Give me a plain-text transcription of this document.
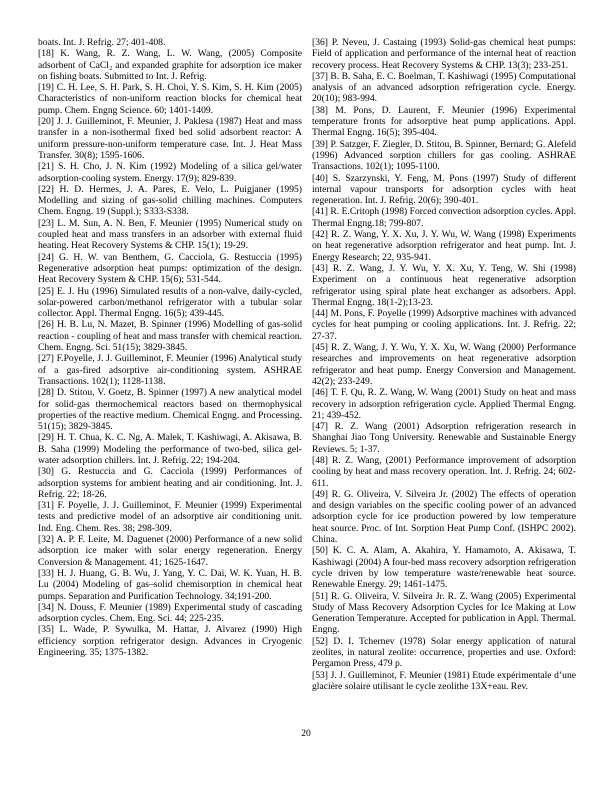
boats. Int. J. Refrig. 27; 401-408.

[18] K. Wang, R. Z. Wang, L. W. Wang, (2005) Composite adsorbent of CaCl₂ and expanded graphite for adsorption ice maker on fishing boats. Submitted to Int. J. Refrig.

[19] C. H. Lee, S. H. Park, S. H. Choi, Y. S. Kim, S. H. Kim (2005) Characteristics of non-uniform reaction blocks for chemical heat pump. Chem. Engng Science. 60; 1401-1409.

[20] J. J. Guilleminot, F. Meunier, J. Paklesa (1987) Heat and mass transfer in a non-isothermal fixed bed solid adsorbent reactor: A uniform pressure-non-uniform temperature case. Int. J. Heat Mass Transfer. 30(8); 1595-1606.

[21] S. H. Cho, J. N. Kim (1992) Modeling of a silica gel/water adsorption-cooling system. Energy. 17(9); 829-839.

[22] H. D. Hermes, J. A. Pares, E. Velo, L. Puigjaner (1995) Modelling and sizing of gas-solid chilling machines. Computers Chem. Engng. 19 (Suppl.); S333-S338.

[23] L. M. Sun, A. N. Ben, F. Meunier (1995) Numerical study on coupled heat and mass transfers in an adsorber with external fluid heating. Heat Recovery Systems & CHP. 15(1); 19-29.

[24] G. H. W. van Benthem, G. Cacciola, G. Restuccia (1995) Regenerative adsorption heat pumps: optimization of the design. Heat Recovery System & CHP. 15(6); 531-544.

[25] E. J. Hu (1996) Simulated results of a non-valve, daily-cycled, solar-powered carbon/methanol refrigerator with a tubular solar collector. Appl. Thermal Engng. 16(5); 439-445.

[26] H. B. Lu, N. Mazet, B. Spinner (1996) Modelling of gas-solid reaction - coupling of heat and mass transfer with chemical reaction. Chem. Engng. Sci. 51(15); 3829-3845.

[27] F.Poyelle, J. J. Guilleminot, F. Meunier (1996) Analytical study of a gas-fired adsorptive air-conditioning system. ASHRAE Transactions. 102(1); 1128-1138.

[28] D. Stitou, V. Goetz, B. Spinner (1997) A new analytical model for solid-gas thermochemical reactors based on thermophysical properties of the reactive medium. Chemical Engng. and Processing. 51(15); 3829-3845.

[29] H. T. Chua, K. C. Ng, A. Malek, T. Kashiwagi, A. Akisawa, B. B. Saha (1999) Modeling the performance of two-bed, silica gel-water adsorption chillers. Int. J. Refrig. 22; 194-204.

[30] G. Restuccia and G. Cacciola (1999) Performances of adsorption systems for ambient heating and air conditioning. Int. J. Refrig. 22; 18-26.

[31] F. Poyelle, J. J. Guilleminot, F. Meunier (1999) Experimental tests and predictive model of an adsorptive air conditioning unit. Ind. Eng. Chem. Res. 38; 298-309.

[32] A. P. F. Leite, M. Daguenet (2000) Performance of a new solid adsorption ice maker with solar energy regeneration. Energy Conversion & Management. 41; 1625-1647.

[33] H. J. Huang, G. B. Wu, J. Yang, Y. C. Dai, W. K. Yuan, H. B. Lu (2004) Modeling of gas–solid chemisorption in chemical heat pumps. Separation and Purification Technology. 34;191-200.

[34] N. Douss, F. Meunier (1989) Experimental study of cascading adsorption cycles. Chem. Eng. Sci. 44; 225-235.

[35] L. Wade, P. Sywulka, M. Hattar, J. Alvarez (1990) High efficiency sorption refrigerator design. Advances in Cryogenic Engineering. 35; 1375-1382.

[36] P. Neveu, J. Castaing (1993) Solid-gas chemical heat pumps: Field of application and performance of the internal heat of reaction recovery process. Heat Recovery Systems & CHP. 13(3); 233-251.

[37] B. B. Saha, E. C. Boelman, T. Kashiwagi (1995) Computational analysis of an advanced adsorption refrigeration cycle. Energy. 20(10); 983-994.

[38] M. Pons, D. Laurent, F. Meunier (1996) Experimental temperature fronts for adsorptive heat pump applications. Appl. Thermal Engng. 16(5); 395-404.

[39] P. Satzger, F. Ziegler, D. Stitou, B. Spinner, Bernard; G. Alefeld (1996) Advanced sorption chillers for gas cooling. ASHRAE Transactions. 102(1); 1095-1100.

[40] S. Szarzynski, Y. Feng, M. Pons (1997) Study of different internal vapour transports for adsorption cycles with heat regeneration. Int. J. Refrig. 20(6); 390-401.

[41] R. E.Critoph (1998) Forced convection adsorption cycles. Appl. Thermal Engng.18; 799-807.

[42] R. Z. Wang, Y. X. Xu, J. Y. Wu, W. Wang (1998) Experiments on heat regenerative adsorption refrigerator and heat pump. Int. J. Energy Research; 22, 935-941.

[43] R. Z. Wang, J. Y. Wu, Y. X. Xu, Y. Teng, W. Shi (1998) Experiment on a continuous heat regenerative adsorption refrigerator using spiral plate heat exchanger as adsorbers. Appl. Thermal Engng. 18(1-2);13-23.

[44] M. Pons, F. Poyelle (1999) Adsorptive machines with advanced cycles for heat pumping or cooling applications. Int. J. Refrig. 22; 27-37.

[45] R. Z. Wang, J. Y. Wu, Y. X. Xu, W. Wang (2000) Performance researches and improvements on heat regenerative adsorption refrigerator and heat pump. Energy Conversion and Management. 42(2); 233-249.

[46] T. F. Qu, R. Z. Wang, W. Wang (2001) Study on heat and mass recovery in adsorption refrigeration cycle. Applied Thermal Engng. 21; 439-452.

[47] R. Z. Wang (2001) Adsorption refrigeration research in Shanghai Jiao Tong University. Renewable and Sustainable Energy Reviews. 5; 1-37.

[48] R. Z. Wang, (2001) Performance improvement of adsorption cooling by heat and mass recovery operation. Int. J. Refrig. 24; 602-611.

[49] R. G. Oliveira, V. Silveira Jr. (2002) The effects of operation and design variables on the specific cooling power of an advanced adsorption cycle for ice production powered by low temperature heat source. Proc. of Int. Sorption Heat Pump Conf. (ISHPC 2002). China.

[50] K. C. A. Alam, A. Akahira, Y. Hamamoto, A. Akisawa, T. Kashiwagi (2004) A four-bed mass recovery adsorption refrigeration cycle driven by low temperature waste/renewable heat source. Renewable Energy. 29; 1461-1475.

[51] R. G. Oliveira, V. Silveira Jr. R. Z. Wang (2005) Experimental Study of Mass Recovery Adsorption Cycles for Ice Making at Low Generation Temperature. Accepted for publication in Appl. Thermal. Engng.

[52] D. I. Tchernev (1978) Solar energy application of natural zeolites, in natural zeolite: occurrence, properties and use. Oxford: Pergamon Press, 479 p.

[53] J. J. Guilleminot, F. Meunier (1981) Etude expérimentale d’une glacière solaire utilisant le cycle zeolithe 13X+eau. Rev.

20
